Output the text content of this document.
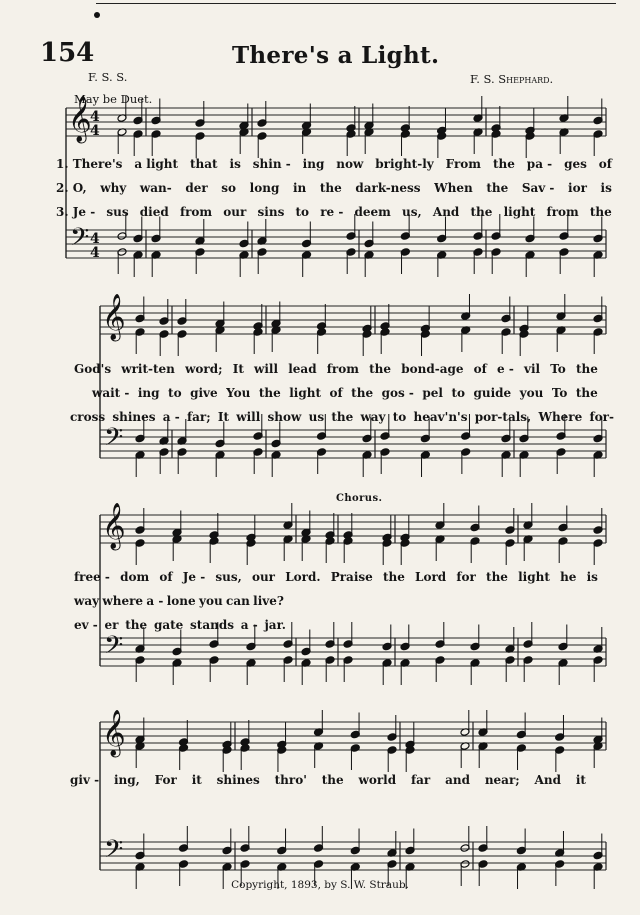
154	There's a Light.
F. S. S.	F. S. Shephard.
May be Duet.
Chorus.
Copyright, 1893, by S. W. Straub.
𝄞
𝄢
4
4
4
4
𝄞
𝄢
𝄞
𝄢
𝄞
𝄢
1. There's a light that is shin - ing now bright-ly From the pa - ges of
2. O, why wan- der so long in the dark-ness When the Sav - ior is
3. Je - sus died from our sins to re - deem us, And the light from the
God's writ-ten word; It will lead from the bond-age of e - vil To the
wait - ing to give You the light of the gos - pel to guide you To the
cross shines a - far; It will show us the way to heav'n's por-tals, Where for-
free - dom of Je - sus, our Lord. Praise the Lord for the light he is
way where a - lone you can live?
ev - er the gate stands a - jar.
giv - ing, For it shines thro' the world far and near; And it
